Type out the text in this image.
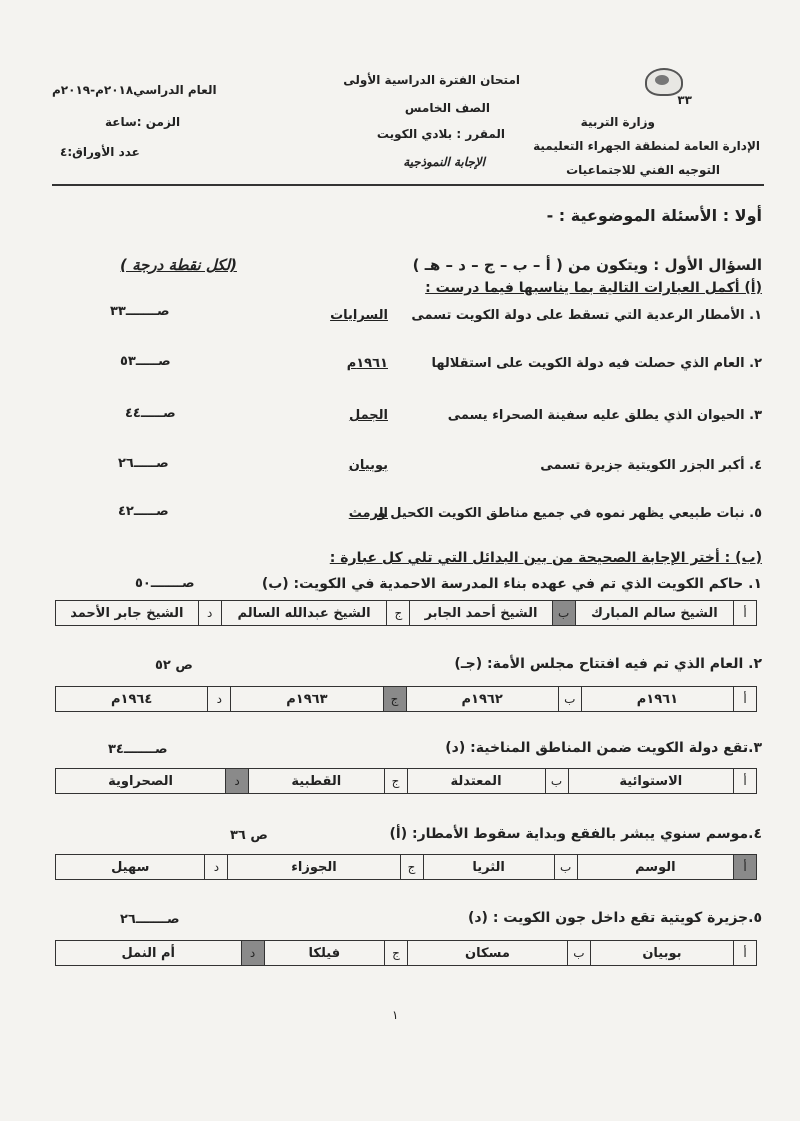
٣٣
وزارة التربية
الإدارة العامة لمنطقة الجهراء التعليمية
التوجيه الفني للاجتماعيات
امتحان الفترة الدراسية الأولى
الصف الخامس
المقرر : بلادي الكويت
الإجابة النموذجية
العام الدراسي٢٠١٨م-٢٠١٩م
الزمن :ساعة
عدد الأوراق:٤
أولا : الأسئلة الموضوعية : -
السؤال الأول : ويتكون من ( أ – ب – ج – د – هـ )
(لكل نقطة درجة )
(أ) أكمل العبارات التالية بما يناسبها فيما درست :
١. الأمطار الرعدية التي تسقط على دولة الكويت تسمى
السرايات
صـــــــ٣٣
٢. العام الذي حصلت فيه دولة الكويت على استقلالها
١٩٦١م
صـــــ٥٣
٣. الحيوان الذي يطلق عليه سفينة الصحراء يسمى
الجمل
صـــــ٤٤
٤. أكبر الجزر الكويتية جزيرة تسمى
بوبيان
صـــــ٢٦
٥. نبات طبيعي يظهر نموه في جميع مناطق الكويت الكحيل و
الرمث
صـــــ٤٢
(ب) : أختر الإجابة الصحيحة من بين البدائل التي تلي كل عبارة :
١. حاكم الكويت الذي تم في عهده بناء المدرسة الاحمدية في الكويت: (ب)
صـــــــ٥٠
أ	الشيخ سالم المبارك	ب	الشيخ أحمد الجابر	ج	الشيخ عبدالله السالم	د	الشيخ جابر الأحمد
٢. العام الذي تم فيه افتتاح مجلس الأمة: (جـ)
ص ٥٢
أ	١٩٦١م	ب	١٩٦٢م	ج	١٩٦٣م	د	١٩٦٤م
٣.تقع دولة الكويت ضمن المناطق المناخية: (د)
صـــــــ٣٤
أ	الاستوائية	ب	المعتدلة	ج	القطبية	د	الصحراوية
٤.موسم سنوي يبشر بالفقع وبداية سقوط الأمطار: (أ)
ص ٣٦
أ	الوسم	ب	الثريا	ج	الجوزاء	د	سهيل
٥.جزيرة كويتية تقع داخل جون الكويت : (د)
صـــــــ٢٦
أ	بوبيان	ب	مسكان	ج	فيلكا	د	أم النمل
١
